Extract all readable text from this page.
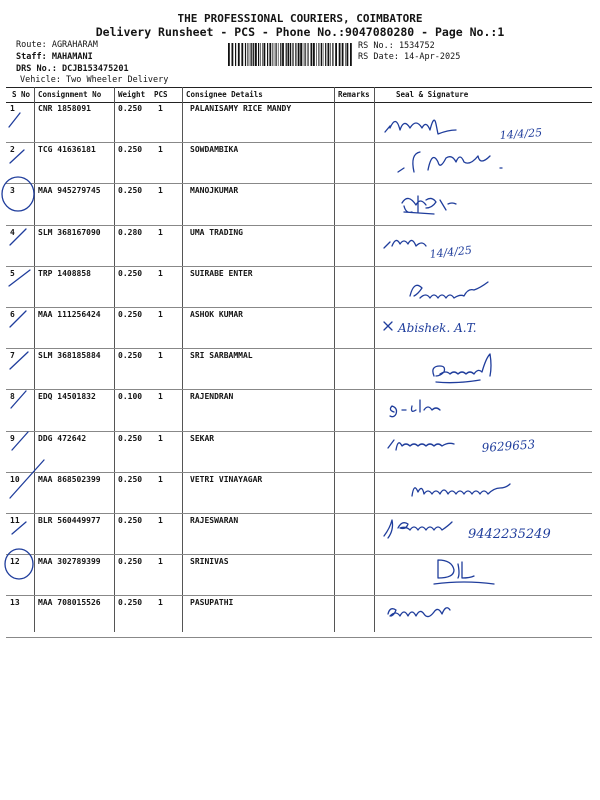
THE PROFESSIONAL COURIERS, COIMBATORE
Delivery Runsheet - PCS - Phone No.:9047080280 - Page No.:1
Route: AGRAHARAM
Staff: MAHAMANI
DRS No.: DCJB153475201
Vehicle: Two Wheeler Delivery
RS No.: 1534752
RS Date: 14-Apr-2025
S No Consignment No Weight PCS Consignee Details	Remarks	Seal & Signature
1	CNR 1858091	0.250 1	PALANISAMY RICE MANDY
2	TCG 41636181	0.250 1	SOWDAMBIKA
3	MAA 945279745 0.250 1	MANOJKUMAR
4	SLM 368167090 0.280 1	UMA TRADING
5	TRP 1408858	0.250 1	SUIRABE ENTER
6	MAA 111256424 0.250 1	ASHOK KUMAR
7	SLM 368185884 0.250 1	SRI SARBAMMAL
8	EDQ 14501832	0.100 1	RAJENDRAN
9	DDG 472642	0.250 1	SEKAR
10 MAA 868502399 0.250 1	VETRI VINAYAGAR
11 BLR 560449977 0.250 1	RAJESWARAN
12 MAA 302789399 0.250 1	SRINIVAS
13 MAA 708015526 0.250 1	PASUPATHI
14/4/25
14/4/25
Abishek. A.T.
9629653
9442235249
